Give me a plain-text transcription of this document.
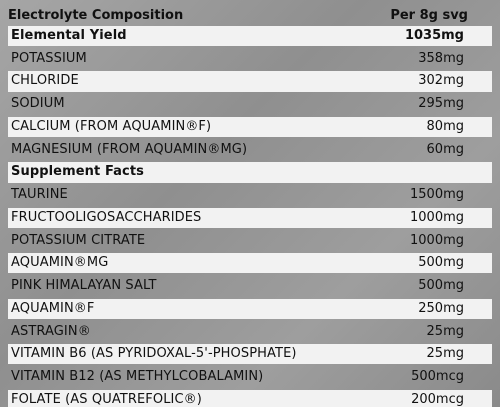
Electrolyte Composition	Per 8g svg
Elemental Yield	1035mg
POTASSIUM	358mg
CHLORIDE	302mg
SODIUM	295mg
CALCIUM (FROM AQUAMIN®F)	80mg
MAGNESIUM (FROM AQUAMIN®MG)	60mg
Supplement Facts
TAURINE	1500mg
FRUCTOOLIGOSACCHARIDES	1000mg
POTASSIUM CITRATE	1000mg
AQUAMIN®MG	500mg
PINK HIMALAYAN SALT	500mg
AQUAMIN®F	250mg
ASTRAGIN®	25mg
VITAMIN B6 (AS PYRIDOXAL-5'-PHOSPHATE)	25mg
VITAMIN B12 (AS METHYLCOBALAMIN)	500mcg
FOLATE (AS QUATREFOLIC®)	200mcg
